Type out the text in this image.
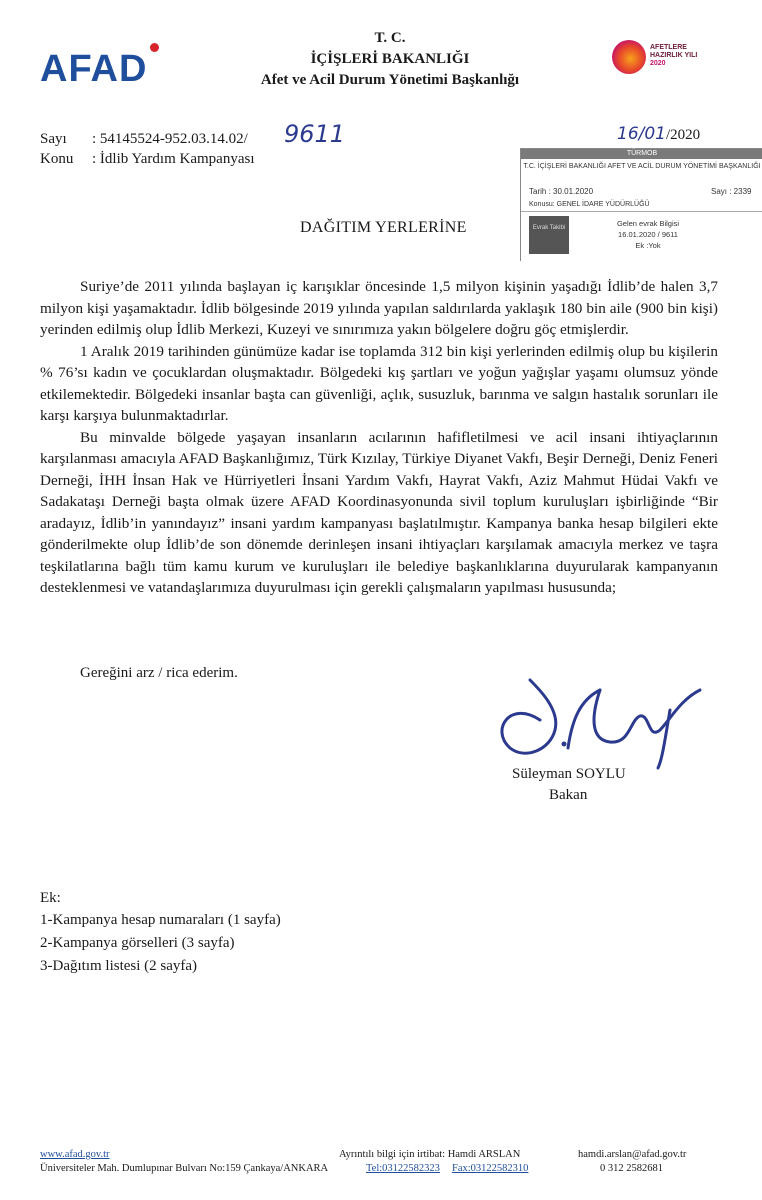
AFAD
T. C.
İÇİŞLERİ BAKANLIĞI
Afet ve Acil Durum Yönetimi Başkanlığı
AFETLERE
HAZIRLIK YILI
2020
Sayı : 54145524-952.03.14.02/ 9611
Konu : İdlib Yardım Kampanyası
16/01/2020
TÜRMOB
T.C. İÇİŞLERİ BAKANLIĞI AFET VE ACİL DURUM YÖNETİMİ BAŞKANLIĞI
Tarih : 30.01.2020	Sayı : 2339
Konusu: GENEL İDARE YÜDÜRLÜĞÜ
Evrak Takibi	Gelen evrak Bilgisi
16.01.2020 / 9611
Ek :Yok
DAĞITIM YERLERİNE

Suriye’de 2011 yılında başlayan iç karışıklar öncesinde 1,5 milyon kişinin yaşadığı İdlib’de halen 3,7 milyon kişi yaşamaktadır. İdlib bölgesinde 2019 yılında yapılan saldırılarda yaklaşık 180 bin aile (900 bin kişi) yerinden edilmiş olup İdlib Merkezi, Kuzeyi ve sınırımıza yakın bölgelere doğru göç etmişlerdir.

1 Aralık 2019 tarihinden günümüze kadar ise toplamda 312 bin kişi yerlerinden edilmiş olup bu kişilerin % 76’sı kadın ve çocuklardan oluşmaktadır. Bölgedeki kış şartları ve yoğun yağışlar yaşamı olumsuz yönde etkilemektedir. Bölgedeki insanlar başta can güvenliği, açlık, susuzluk, barınma ve salgın hastalık sorunları ile karşı karşıya bulunmaktadırlar.

Bu minvalde bölgede yaşayan insanların acılarının hafifletilmesi ve acil insani ihtiyaçlarının karşılanması amacıyla AFAD Başkanlığımız, Türk Kızılay, Türkiye Diyanet Vakfı, Beşir Derneği, Deniz Feneri Derneği, İHH İnsan Hak ve Hürriyetleri İnsani Yardım Vakfı, Hayrat Vakfı, Aziz Mahmut Hüdai Vakfı ve Sadakataşı Derneği başta olmak üzere AFAD Koordinasyonunda sivil toplum kuruluşları işbirliğinde “Bir aradayız, İdlib’in yanındayız” insani yardım kampanyası başlatılmıştır. Kampanya banka hesap bilgileri ekte gönderilmekte olup İdlib’de son dönemde derinleşen insani ihtiyaçları karşılamak amacıyla merkez ve taşra teşkilatlarına bağlı tüm kamu kurum ve kuruluşları ile belediye başkanlıklarına duyurularak kampanyanın desteklenmesi ve vatandaşlarımıza duyurulması için gerekli çalışmaların yapılması hususunda;

Gereğini arz / rica ederim.
Süleyman SOYLU
Bakan
Ek:
1-Kampanya hesap numaraları (1 sayfa)
2-Kampanya görselleri (3 sayfa)
3-Dağıtım listesi (2 sayfa)
www.afad.gov.tr	Ayrıntılı bilgi için irtibat: Hamdi ARSLAN	hamdi.arslan@afad.gov.tr
Üniversiteler Mah. Dumlupınar Bulvarı No:159 Çankaya/ANKARA	Tel:03122582323 Fax:03122582310	0 312 2582681
